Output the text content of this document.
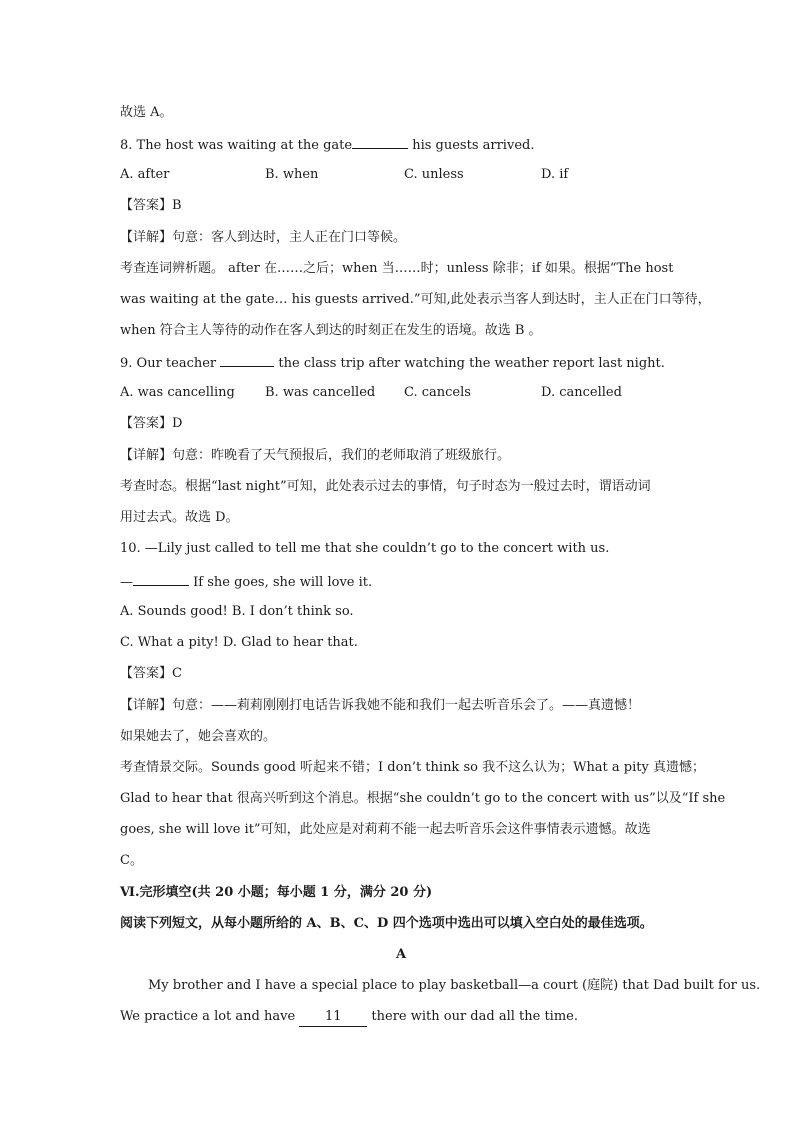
故选 A。
8. The host was waiting at the gate	his guests arrived.
A. after	B. when	C. unless	D. if
【答案】B
【详解】句意：客人到达时，主人正在门口等候。
考查连词辨析题。 after 在……之后；when 当……时；unless 除非；if 如果。根据“The host
was waiting at the gate… his guests arrived.”可知,此处表示当客人到达时，主人正在门口等待，
when 符合主人等待的动作在客人到达的时刻正在发生的语境。故选 B 。
9. Our teacher	the class trip after watching the weather report last night.
A. was cancelling B. was cancelled C. cancels	D. cancelled
【答案】D
【详解】句意：昨晚看了天气预报后，我们的老师取消了班级旅行。
考查时态。根据“last night”可知，此处表示过去的事情，句子时态为一般过去时，谓语动词
用过去式。故选 D。
10. —Lily just called to tell me that she couldn’t go to the concert with us.
—	If she goes, she will love it.
A. Sounds good! B. I don’t think so.
C. What a pity! D. Glad to hear that.
【答案】C
【详解】句意：——莉莉刚刚打电话告诉我她不能和我们一起去听音乐会了。——真遗憾！
如果她去了，她会喜欢的。
考查情景交际。Sounds good 听起来不错；I don’t think so 我不这么认为；What a pity 真遗憾；
Glad to hear that 很高兴听到这个消息。根据“she couldn’t go to the concert with us”以及“If she
goes, she will love it”可知，此处应是对莉莉不能一起去听音乐会这件事情表示遗憾。故选
C。
Ⅵ.完形填空(共 20 小题；每小题 1 分，满分 20 分)
阅读下列短文，从每小题所给的 A、B、C、D 四个选项中选出可以填入空白处的最佳选项。
A
My brother and I have a special place to play basketball—a court (庭院) that Dad built for us.
We practice a lot and have 11 there with our dad all the time.
